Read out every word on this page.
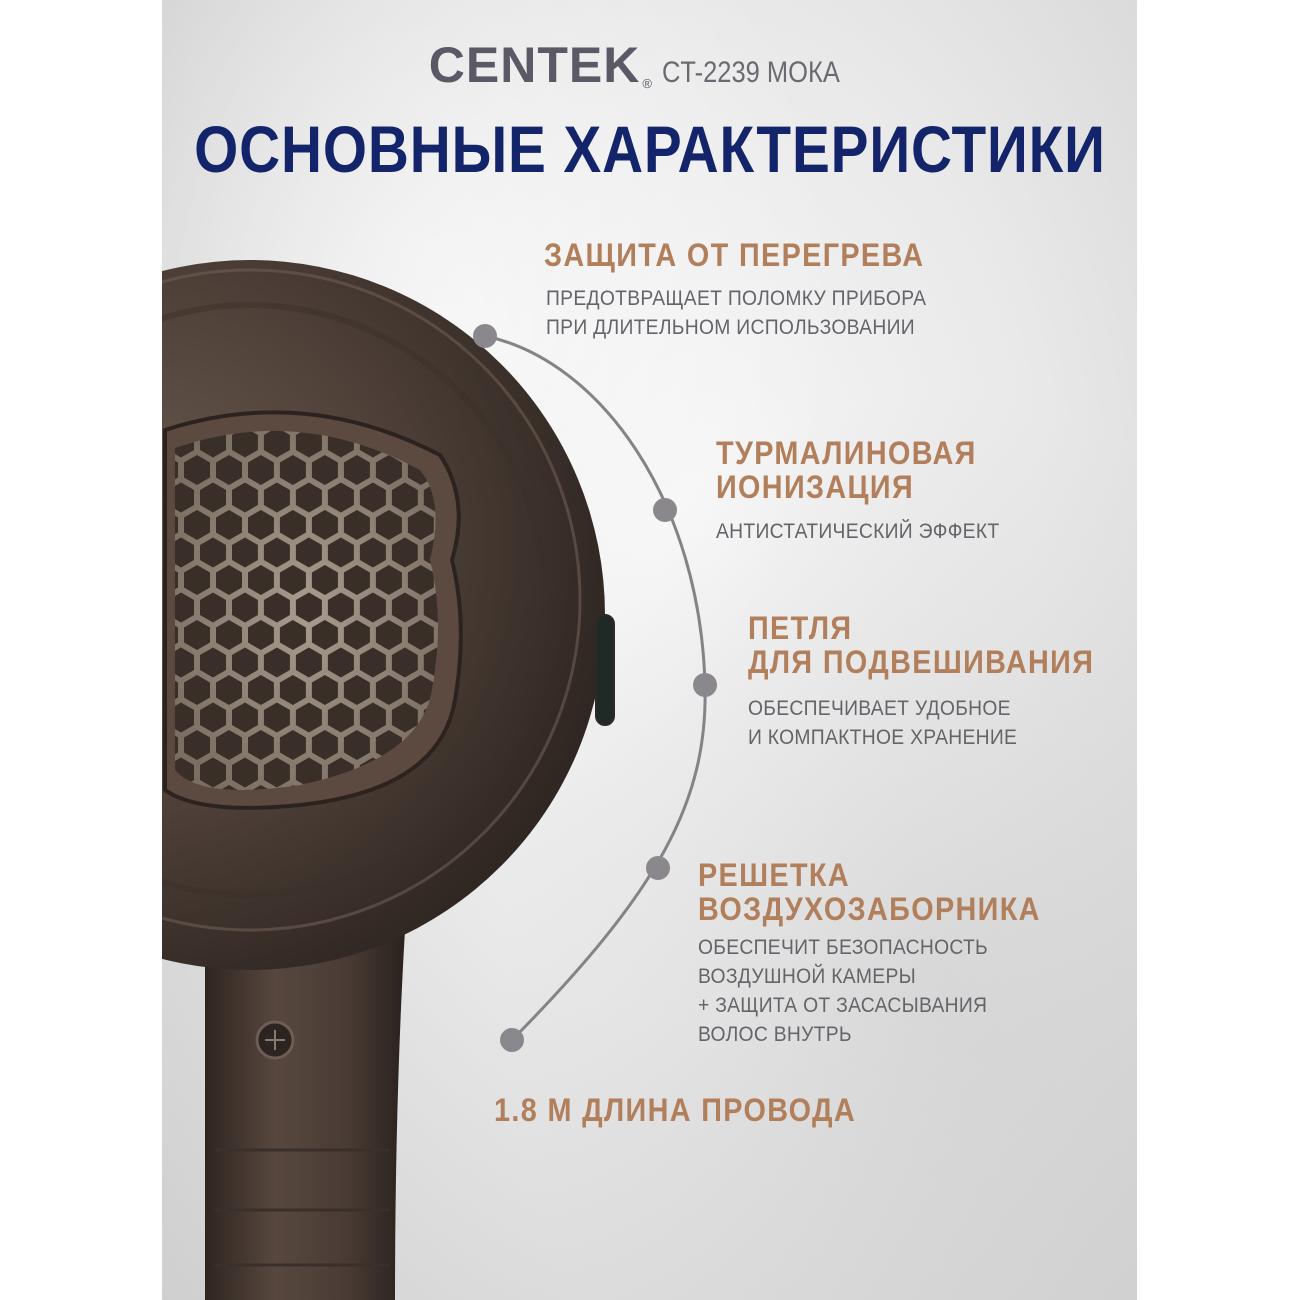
CENTEK ® CT-2239 МОКА
ОСНОВНЫЕ ХАРАКТЕРИСТИКИ
ЗАЩИТА ОТ ПЕРЕГРЕВА
ПРЕДОТВРАЩАЕТ ПОЛОМКУ ПРИБОРА
ПРИ ДЛИТЕЛЬНОМ ИСПОЛЬЗОВАНИИ
ТУРМАЛИНОВАЯ
ИОНИЗАЦИЯ
АНТИСТАТИЧЕСКИЙ ЭФФЕКТ
ПЕТЛЯ
ДЛЯ ПОДВЕШИВАНИЯ
ОБЕСПЕЧИВАЕТ УДОБНОЕ
И КОМПАКТНОЕ ХРАНЕНИЕ
РЕШЕТКА
ВОЗДУХОЗАБОРНИКА
ОБЕСПЕЧИТ БЕЗОПАСНОСТЬ
ВОЗДУШНОЙ КАМЕРЫ
+ ЗАЩИТА ОТ ЗАСАСЫВАНИЯ
ВОЛОС ВНУТРЬ
1.8 М ДЛИНА ПРОВОДА
